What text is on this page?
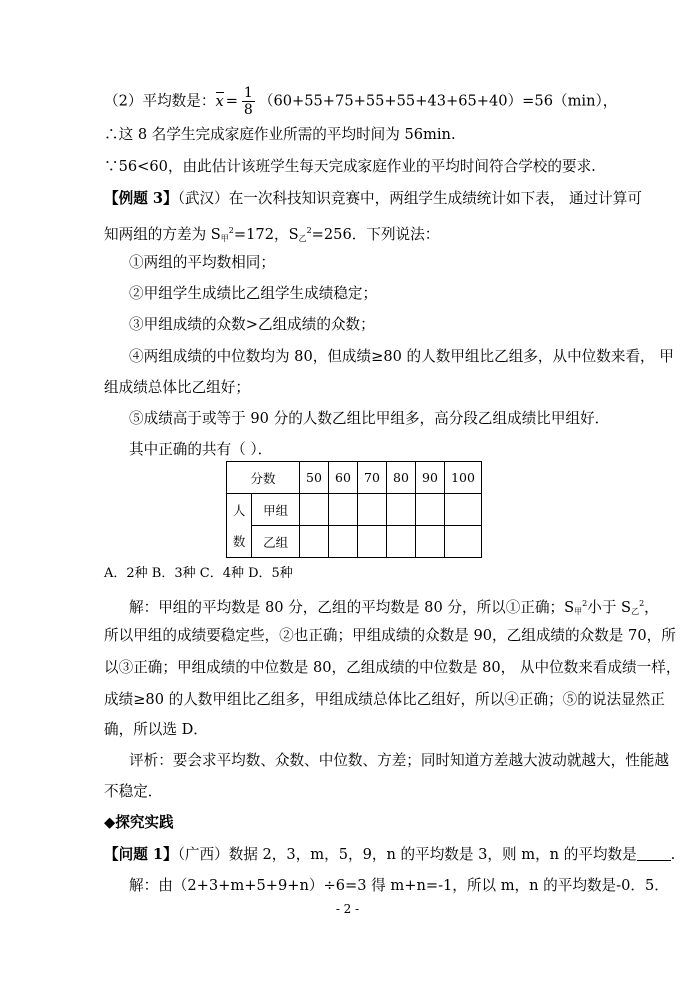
（2）平均数是：$x = \frac{1}{8} (60+55+75+55+55+43+65+40)=56(\min)$，
∴这 8 名学生完成家庭作业所需的平均时间为 56min.
∵56<60，由此估计该班学生每天完成家庭作业的平均时间符合学校的要求.
【例题 3】（武汉）在一次科技知识竞赛中，两组学生成绩统计如下表， 通过计算可
知两组的方差为 $S_甲^2=172$，$S_乙^2=256$．下列说法：
①两组的平均数相同；
②甲组学生成绩比乙组学生成绩稳定；
③甲组成绩的众数>乙组成绩的众数；
④两组成绩的中位数均为 80，但成绩≥80 的人数甲组比乙组多，从中位数来看， 甲
组成绩总体比乙组好；
⑤成绩高于或等于 90 分的人数乙组比甲组多，高分段乙组成绩比甲组好．
其中正确的共有（ ）．
分数		50	60	70	80	90	100
人	甲组						
数	乙组						
A．2种 B．3种 C．4种 D．5种
解：甲组的平均数是 80 分，乙组的平均数是 80 分，所以①正确；$S_甲^2$小于 $S_乙^2$，
所以甲组的成绩要稳定些，②也正确；甲组成绩的众数是 90，乙组成绩的众数是 70，所
以③正确；甲组成绩的中位数是 80，乙组成绩的中位数是 80， 从中位数来看成绩一样，
成绩≥80 的人数甲组比乙组多，甲组成绩总体比乙组好，所以④正确；⑤的说法显然正
确，所以选 D．
评析：要会求平均数、众数、中位数、方差；同时知道方差越大波动就越大，性能越
不稳定．
◆探究实践
【问题 1】（广西）数据 2，3，m，5，9，n 的平均数是 3，则 m，n 的平均数是 .
解：由（2+3+m+5+9+n）÷6=3 得 m+n=-1，所以 m，n 的平均数是-0．5．
- 2 -
